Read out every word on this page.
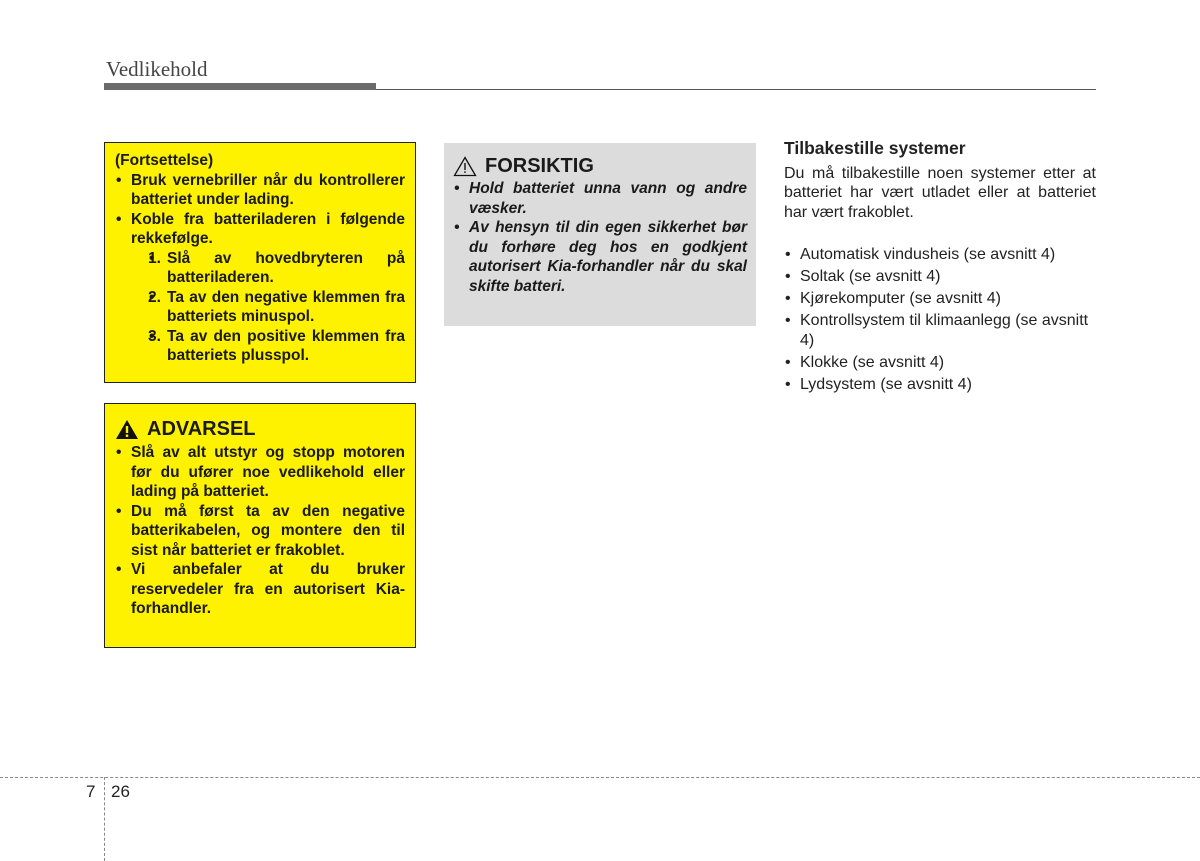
Vedlikehold
(Fortsettelse)
• Bruk vernebriller når du kontrollerer batteriet under lading.
• Koble fra batteriladeren i følgende rekkefølge.
• 1. Slå av hovedbryteren på batteriladeren.
• 2. Ta av den negative klemmen fra batteriets minuspol.
• 3. Ta av den positive klemmen fra batteriets plusspol.
ADVARSEL
• Slå av alt utstyr og stopp motoren før du ufører noe vedlikehold eller lading på batteriet.
• Du må først ta av den negative batterikabelen, og montere den til sist når batteriet er frakoblet.
• Vi anbefaler at du bruker reservedeler fra en autorisert Kia-forhandler.
FORSIKTIG
• Hold batteriet unna vann og andre væsker.
• Av hensyn til din egen sikkerhet bør du forhøre deg hos en godkjent autorisert Kia-forhandler når du skal skifte batteri.
Tilbakestille systemer

Du må tilbakestille noen systemer etter at batteriet har vært utladet eller at batteriet har vært frakoblet.

• Automatisk vindusheis (se avsnitt 4)
• Soltak (se avsnitt 4)
• Kjørekomputer (se avsnitt 4)
• Kontrollsystem til klimaanlegg (se avsnitt 4)
• Klokke (se avsnitt 4)
• Lydsystem (se avsnitt 4)
7 26
